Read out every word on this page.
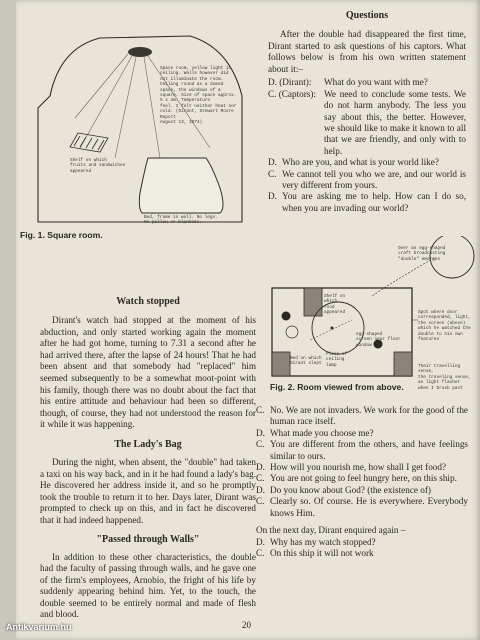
Space room, yellow light in
ceiling. Walls however did
not illuminate the room.
Ceiling round as a domed
space, the windows of a
square. Size of space approx.
5 x 4m. Temperature
feel. I felt neither heat nor
cold. (Dirant, Stewart Moore Report
August 13, 1974)
Shelf on which
fruits and sandwiches
appeared
Bed, frame in wall. No legs.
No pillow or blankets.
Fig. 1. Square room.
Watch stopped

Dirant's watch had stopped at the moment of his abduction, and only started working again the moment after he had got home, turning to 7.31 a second after he had arrived there, after the lapse of 24 hours! That he had been absent and that somebody had "replaced" him seemed subsequently to be a somewhat moot-point with his family, though there was no doubt about the fact that his entire attitude and behaviour had been so different, though, of course, they had not understood the reason for it while it was happening.

The Lady's Bag

During the night, when absent, the "double" had taken a taxi on his way back, and in it he had found a lady's bag. He discovered her address inside it, and so he promptly took the trouble to return it to her. Days later, Dirant was prompted to check up on this, and in fact he discovered that it had indeed happened.

"Passed through Walls"

In addition to these other characteristics, the double had the faculty of passing through walls, and he gave one of the firm's employees, Arnobio, the fright of his life by suddenly appearing behind him. Yet, to the touch, the double seemed to be entirely normal and made of flesh and blood.

Questions

After the double had disappeared the first time, Dirant started to ask questions of his captors. What follows below is from his own written statement about it:–

D. (Dirant):	What do you want with me?
C. (Captors): We need to conclude some tests. We do not harm anybody. The less you say about this, the better. However, we should like to make it known to all that we are friendly, and only with to help.
D. Who are you, and what is your world like?
C. We cannot tell you who we are, and our world is very different from yours.
D. You are asking me to help. How can I do so, when you are invading our world?
Over an egg-shaped
craft broadcasting
"double" emerges
Spot where door
corresponded, light,
the screen (above)
which he watched the
double to his own
features
Their travelling sense,
the traveling sense,
an light flasher
when I brush past
egg-shaped
screen near floor
window
Place of ceiling
lamp
Bed on which
Dirant slept
Shelf on
which
food
appeared
Fig. 2. Room viewed from above.
C. No. We are not invaders. We work for the good of the human race itself.
D. What made you choose me?
C. You are different from the others, and have feelings similar to ours.
D. How will you nourish me, how shall I get food?
C. You are not going to feel hungry here, on this ship.
D. Do you know about God? (the existence of)
C. Clearly so. Of course. He is everywhere. Everybody knows Him.
On the next day, Dirant enquired again –
D. Why has my watch stopped?
C. On this ship it will not work
20
Antikvarium.hu
